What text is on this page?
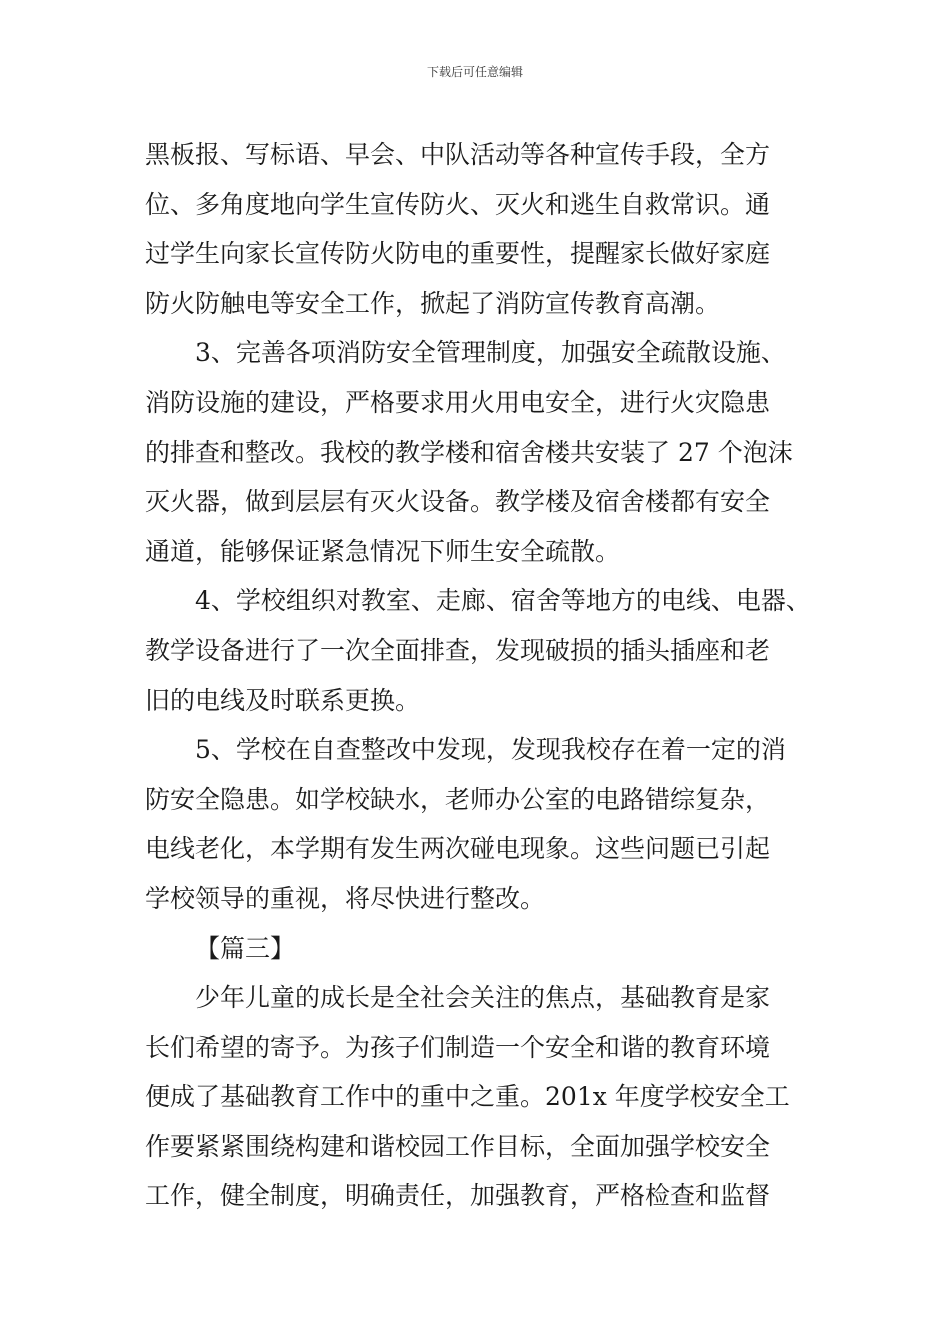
下载后可任意编辑
黑板报、写标语、早会、中队活动等各种宣传手段，全方
位、多角度地向学生宣传防火、灭火和逃生自救常识。通
过学生向家长宣传防火防电的重要性，提醒家长做好家庭
防火防触电等安全工作，掀起了消防宣传教育高潮。
3、完善各项消防安全管理制度，加强安全疏散设施、
消防设施的建设，严格要求用火用电安全，进行火灾隐患
的排查和整改。我校的教学楼和宿舍楼共安装了 27 个泡沫
灭火器，做到层层有灭火设备。教学楼及宿舍楼都有安全
通道，能够保证紧急情况下师生安全疏散。
4、学校组织对教室、走廊、宿舍等地方的电线、电器、
教学设备进行了一次全面排查，发现破损的插头插座和老
旧的电线及时联系更换。
5、学校在自查整改中发现，发现我校存在着一定的消
防安全隐患。如学校缺水，老师办公室的电路错综复杂，
电线老化，本学期有发生两次碰电现象。这些问题已引起
学校领导的重视，将尽快进行整改。
【篇三】
少年儿童的成长是全社会关注的焦点，基础教育是家
长们希望的寄予。为孩子们制造一个安全和谐的教育环境
便成了基础教育工作中的重中之重。201x 年度学校安全工
作要紧紧围绕构建和谐校园工作目标，全面加强学校安全
工作，健全制度，明确责任，加强教育，严格检查和监督
